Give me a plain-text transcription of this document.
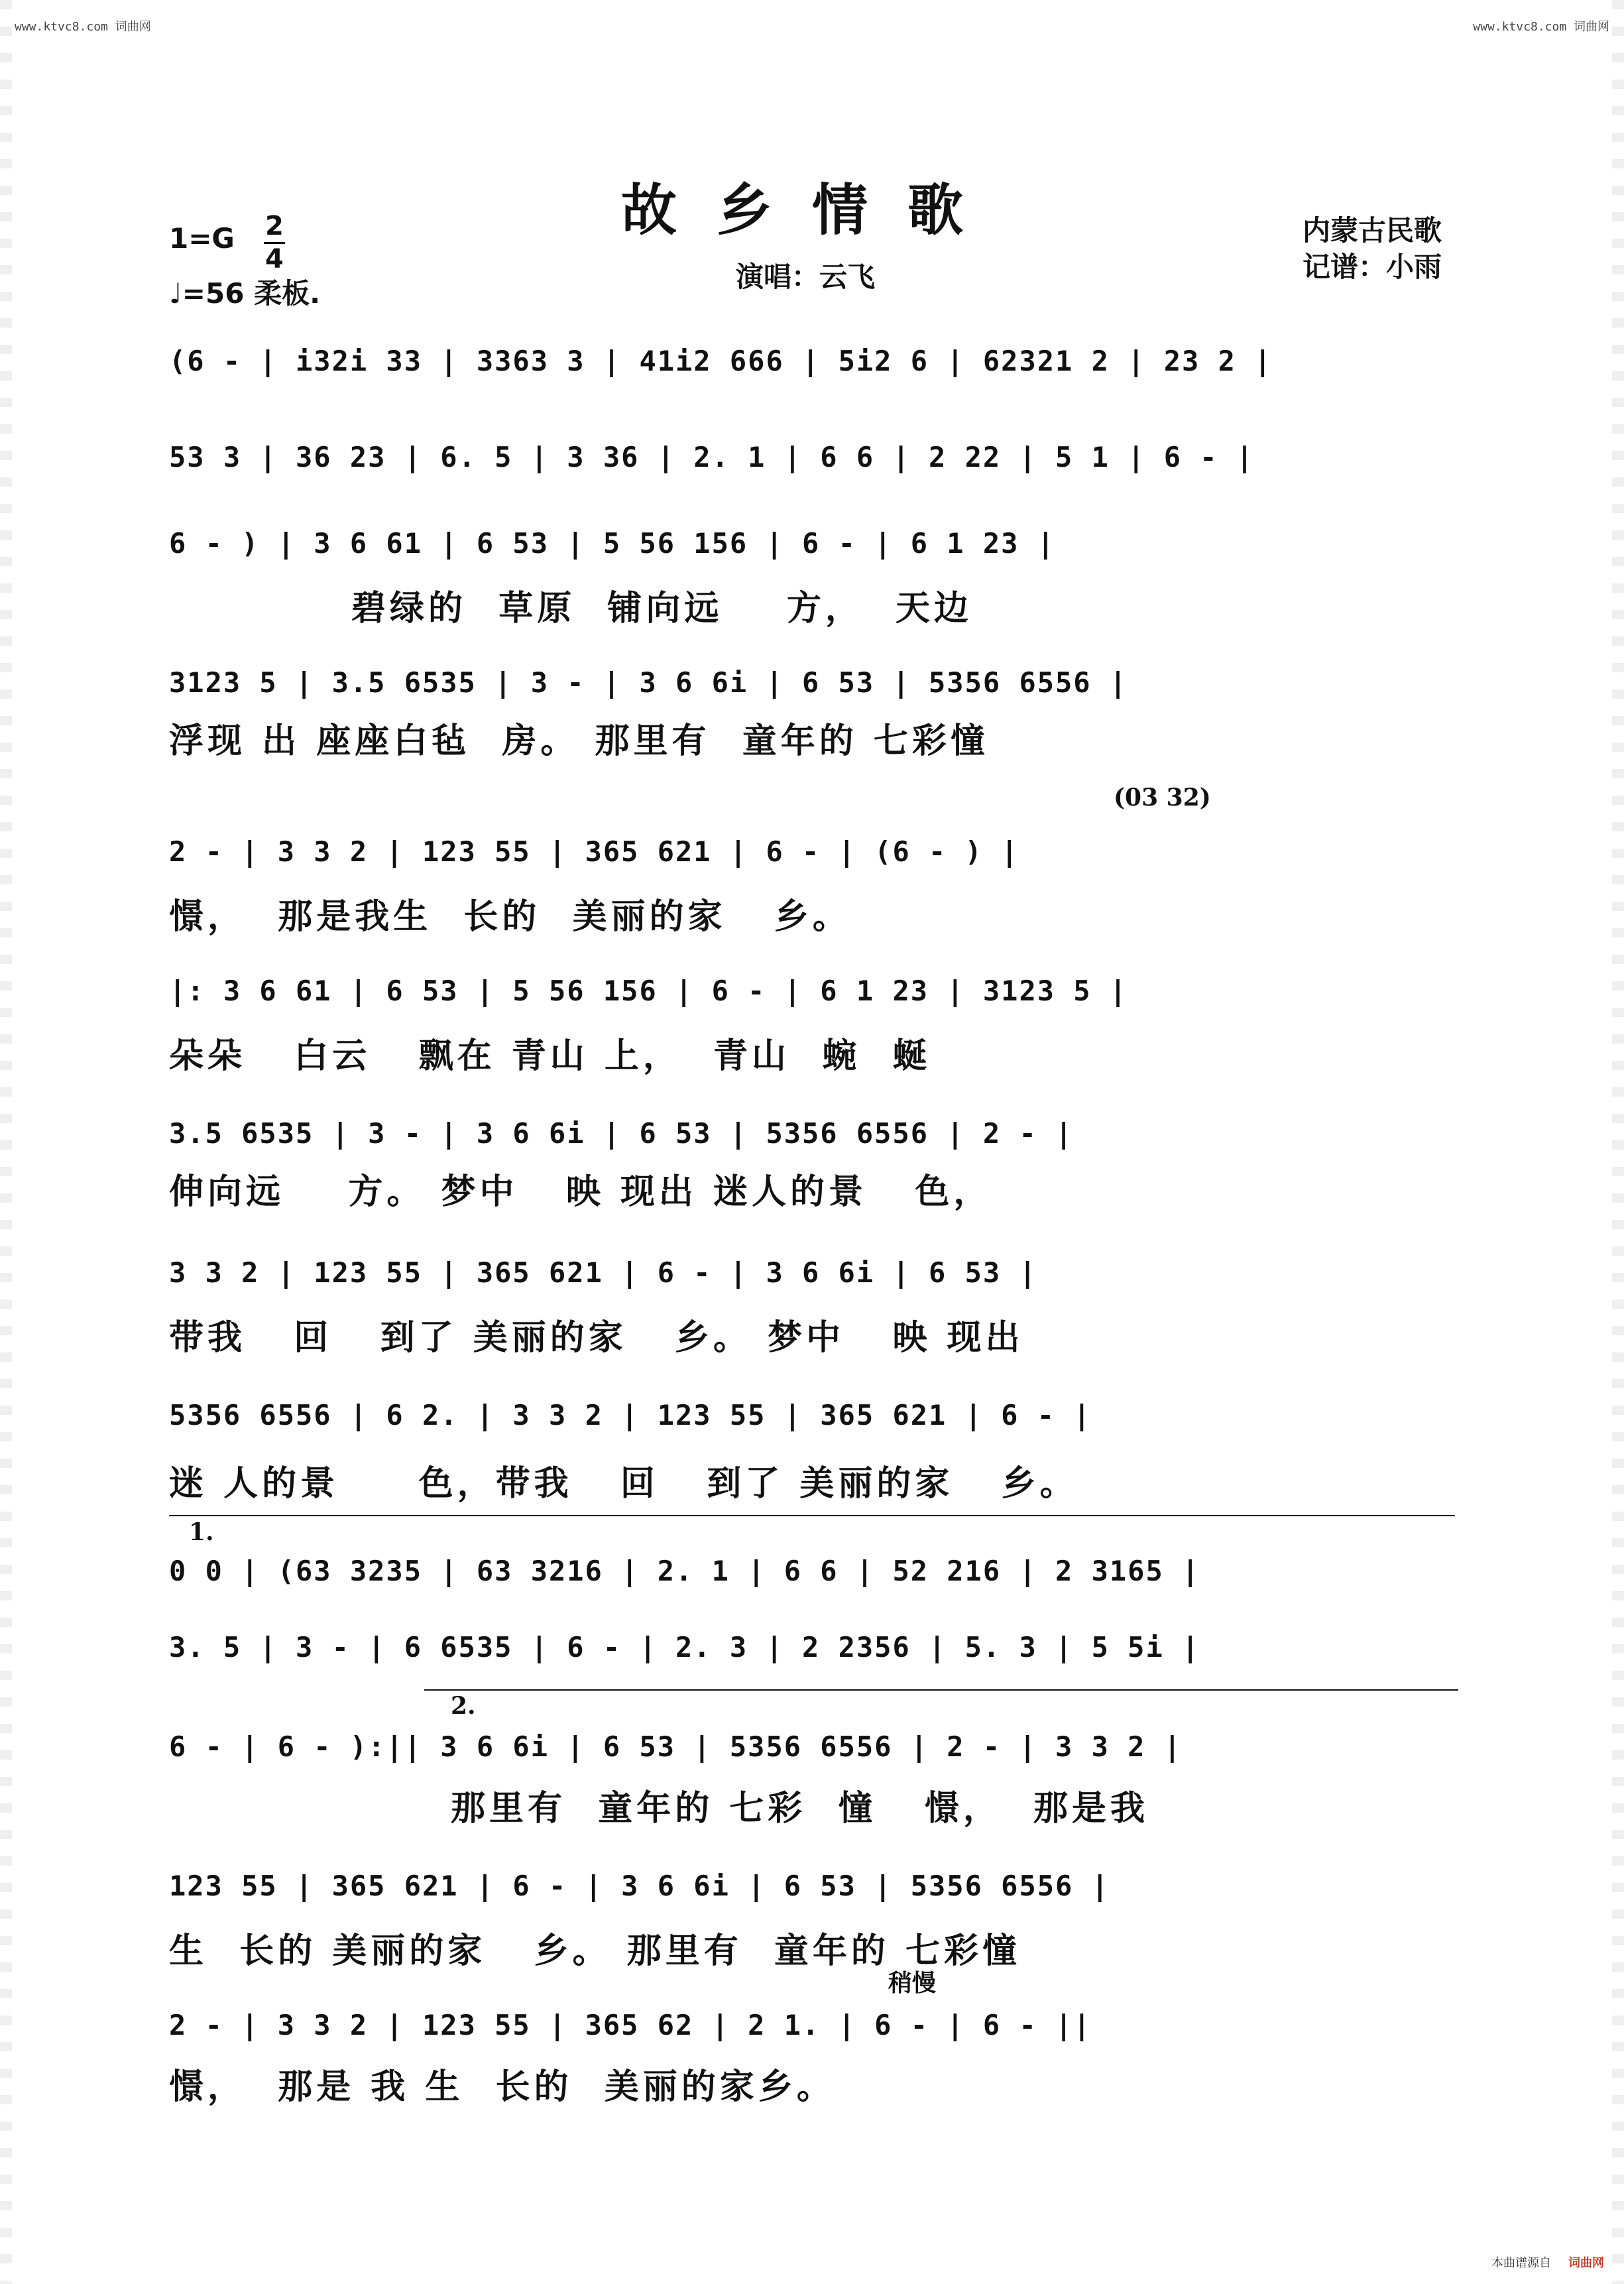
www.ktvc8.com 词曲网	www.ktvc8.com 词曲网
故乡情歌
1=G 2
4
♩=56 柔板.
演唱：云飞
内蒙古民歌
记谱：小雨
(6 - | i32i 33 | 3363 3 | 41i2 666 | 5i2 6 | 62321 2 | 23 2 |
53 3 | 36 23 | 6. 5 | 3 36 | 2. 1 | 6 6 | 2 22 | 5 1 | 6 - |
6 - ) | 3 6 61 | 6 53 | 5 56 156 | 6 - | 6 1 23 |
碧绿的  草原  铺向远    方，  天边
3123 5 | 3.5 6535 | 3 - | 3 6 6i | 6 53 | 5356 6556 |
浮现 出 座座白毡  房。 那里有  童年的 七彩憧
(03 32)
2 - | 3 3 2 | 123 55 | 365 621 | 6 - | (6 - ) |
憬，  那是我生  长的  美丽的家   乡。
|: 3 6 61 | 6 53 | 5 56 156 | 6 - | 6 1 23 | 3123 5 |
朵朵   白云   飘在 青山 上，  青山  蜿  蜒
3.5 6535 | 3 - | 3 6 6i | 6 53 | 5356 6556 | 2 - |
伸向远    方。 梦中   映 现出 迷人的景   色，
3 3 2 | 123 55 | 365 621 | 6 - | 3 6 6i | 6 53 |
带我   回   到了 美丽的家   乡。 梦中   映 现出
5356 6556 | 6 2. | 3 3 2 | 123 55 | 365 621 | 6 - |
迷 人的景     色，带我   回   到了 美丽的家   乡。
1.
0 0 | (63 3235 | 63 3216 | 2. 1 | 6 6 | 52 216 | 2 3165 |
3. 5 | 3 - | 6 6535 | 6 - | 2. 3 | 2 2356 | 5. 3 | 5 5i |
2.
6 - | 6 - ):|| 3 6 6i | 6 53 | 5356 6556 | 2 - | 3 3 2 |
那里有  童年的 七彩  憧   憬，  那是我
123 55 | 365 621 | 6 - | 3 6 6i | 6 53 | 5356 6556 |
生  长的 美丽的家   乡。 那里有  童年的 七彩憧
稍慢
2 - | 3 3 2 | 123 55 | 365 62 | 2 1. | 6 - | 6 - ||
憬，  那是 我 生  长的  美丽的家乡。
本曲谱源自 词曲网
